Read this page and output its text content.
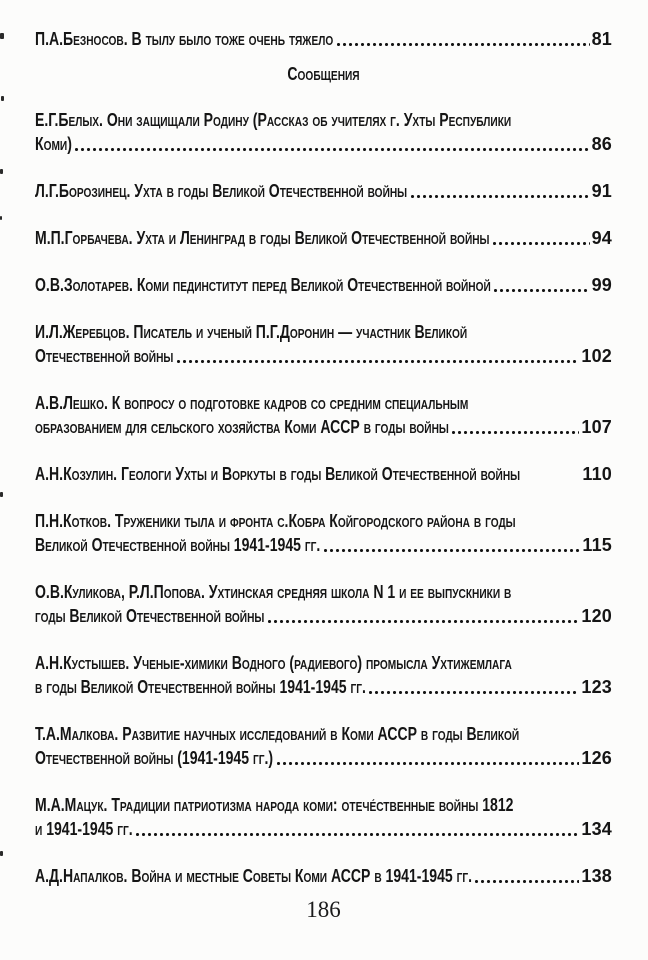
П.А.Безносов. В тылу было тоже очень тяжело	81
Сообщения
Е.Г.Белых. Они защищали Родину (Рассказ об учителях г. Ухты Республики
Коми)	86
Л.Г.Борозинец. Ухта в годы Великой Отечественной войны	91
М.П.Горбачева. Ухта и Ленинград в годы Великой Отечественной войны	94
О.В.Золотарев. Коми пединститут перед Великой Отечественной войной	99
И.Л.Жеребцов. Писатель и ученый П.Г.Доронин — участник Великой
Отечественной войны	102
А.В.Лешко. К вопросу о подготовке кадров со средним специальным
образованием для сельского хозяйства Коми АССР в годы войны	107
А.Н.Козулин. Геологи Ухты и Воркуты в годы Великой Отечественной войны	110
П.Н.Котков. Труженики тыла и фронта с.Кобра Койгородского района в годы
Великой Отечественной войны 1941-1945 гг.	115
О.В.Куликова, Р.Л.Попова. Ухтинская средняя школа N 1 и ее выпускники в
годы Великой Отечественной войны	120
А.Н.Кустышев. Ученые-химики Водного (радиевого) промысла Ухтижемлага
в годы Великой Отечественной войны 1941-1945 гг.	123
Т.А.Малкова. Развитие научных исследований в Коми АССР в годы Великой
Отечественной войны (1941-1945 гг.)	126
М.А.Мацук. Традиции патриотизма народа коми: отече́ственные войны 1812
и 1941-1945 гг.	134
А.Д.Напалков. Война и местные Советы Коми АССР в 1941-1945 гг.	138
186
